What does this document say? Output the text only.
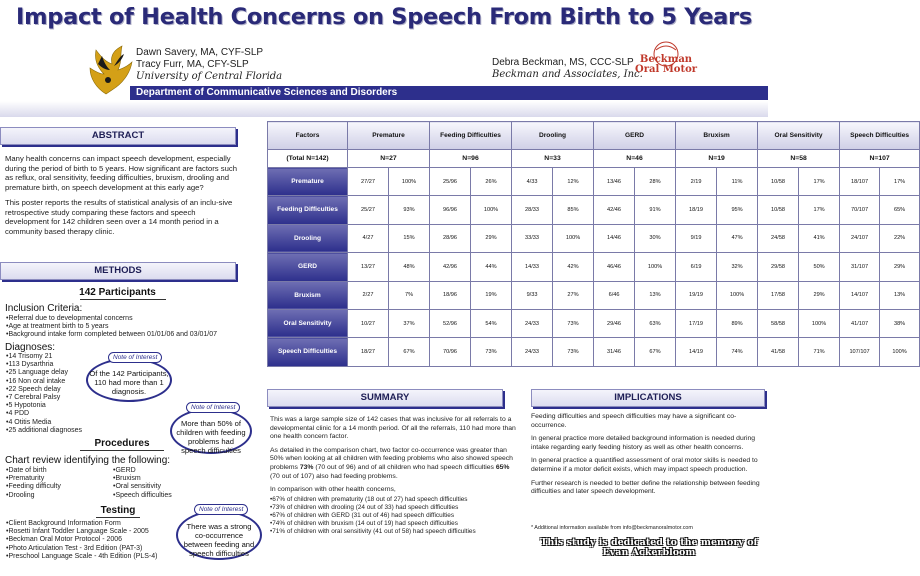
Impact of Health Concerns on Speech From Birth to 5 Years
Dawn Savery, MA, CYF-SLP
Tracy Furr, MA, CFY-SLP
University of Central Florida
Department of Communicative Sciences and Disorders
Debra Beckman, MS, CCC-SLP
Beckman and Associates, Inc.
Beckman
Oral Motor
ABSTRACT

Many health concerns can impact speech development, especially during the period of birth to 5 years. How significant are factors such as reflux, oral sensitivity, feeding difficulties, bruxism, drooling and premature birth, on speech development at this early age?

This poster reports the results of statistical analysis of an inclu-sive retrospective study comparing these factors and speech development for 142 children seen over a 14 month period in a community based therapy clinic.

METHODS
142 Participants
Inclusion Criteria:
• Referral due to developmental concerns
• Age at treatment birth to 5 years
• Background intake form completed between 01/01/06 and 03/01/07
Diagnoses:
• 14 Trisomy 21
• 113 Dysarthria
• 25 Language delay
• 16 Non oral intake
• 22 Speech delay
• 7 Cerebral Palsy
• 5 Hypotonia
• 4 PDD
• 4 Otitis Media
• 25 additional diagnoses
Of the 142 Participants, 110 had more than 1 diagnosis.
Note of Interest
More than 50% of children with feeding problems had speech difficulties
Note of Interest
Procedures
Chart review identifying the following:
• Date of birth
• Prematurity
• Feeding difficulty
• Drooling
• GERD
• Bruxism
• Oral sensitivity
• Speech difficulties
Testing
• Client Background Information Form
• Rosetti Infant Toddler Language Scale - 2005
• Beckman Oral Motor Protocol - 2006
• Photo Articulation Test - 3rd Edition (PAT-3)
• Preschool Language Scale - 4th Edition (PLS-4)
There was a strong co-occurrence between feeding and speech difficulties
Note of Interest
Factors	Premature		Feeding Difficulties		Drooling		GERD		Bruxism		Oral Sensitivity		Speech Difficulties	
(Total N=142)	N=27		N=96		N=33		N=46		N=19		N=58		N=107	
Premature	27/27	100%	25/96	26%	4/33	12%	13/46	28%	2/19	11%	10/58	17%	18/107	17%
Feeding Difficulties	25/27	93%	96/96	100%	28/33	85%	42/46	91%	18/19	95%	10/58	17%	70/107	65%
Drooling	4/27	15%	28/96	29%	33/33	100%	14/46	30%	9/19	47%	24/58	41%	24/107	22%
GERD	13/27	48%	42/96	44%	14/33	42%	46/46	100%	6/19	32%	29/58	50%	31/107	29%
Bruxism	2/27	7%	18/96	19%	9/33	27%	6/46	13%	19/19	100%	17/58	29%	14/107	13%
Oral Sensitivity	10/27	37%	52/96	54%	24/33	73%	29/46	63%	17/19	89%	58/58	100%	41/107	38%
Speech Difficulties	18/27	67%	70/96	73%	24/33	73%	31/46	67%	14/19	74%	41/58	71%	107/107	100%
SUMMARY

This was a large sample size of 142 cases that was inclusive for all referrals to a developmental clinic for a 14 month period. Of all the referrals, 110 had more than one health concern factor.

As detailed in the comparison chart, two factor co-occurrence was greater than 50% when looking at all children with feeding problems who also showed speech problems 73% (70 out of 96) and of all children who had speech difficulties 65% (70 out of 107) also had feeding problems.

In comparison with other health concerns,

• 67% of children with prematurity (18 out of 27) had speech difficulties
• 73% of children with drooling (24 out of 33) had speech difficulties
• 67% of children with GERD (31 out of 46) had speech difficulties
• 74% of children with bruxism (14 out of 19) had speech difficulties
• 71% of children with oral sensitivity (41 out of 58) had speech difficulties
IMPLICATIONS

Feeding difficulties and speech difficulties may have a significant co-occurrence.

In general practice more detailed background information is needed during intake regarding early feeding history as well as other health concerns.

In general practice a quantified assessment of oral motor skills is needed to determine if a motor deficit exists, which may impact speech production.

Further research is needed to better define the relationship between feeding difficulties and later speech development.

* Additional information available from info@beckmanoralmotor.com
This study is dedicated to the memory of Evan Ackerbloom
